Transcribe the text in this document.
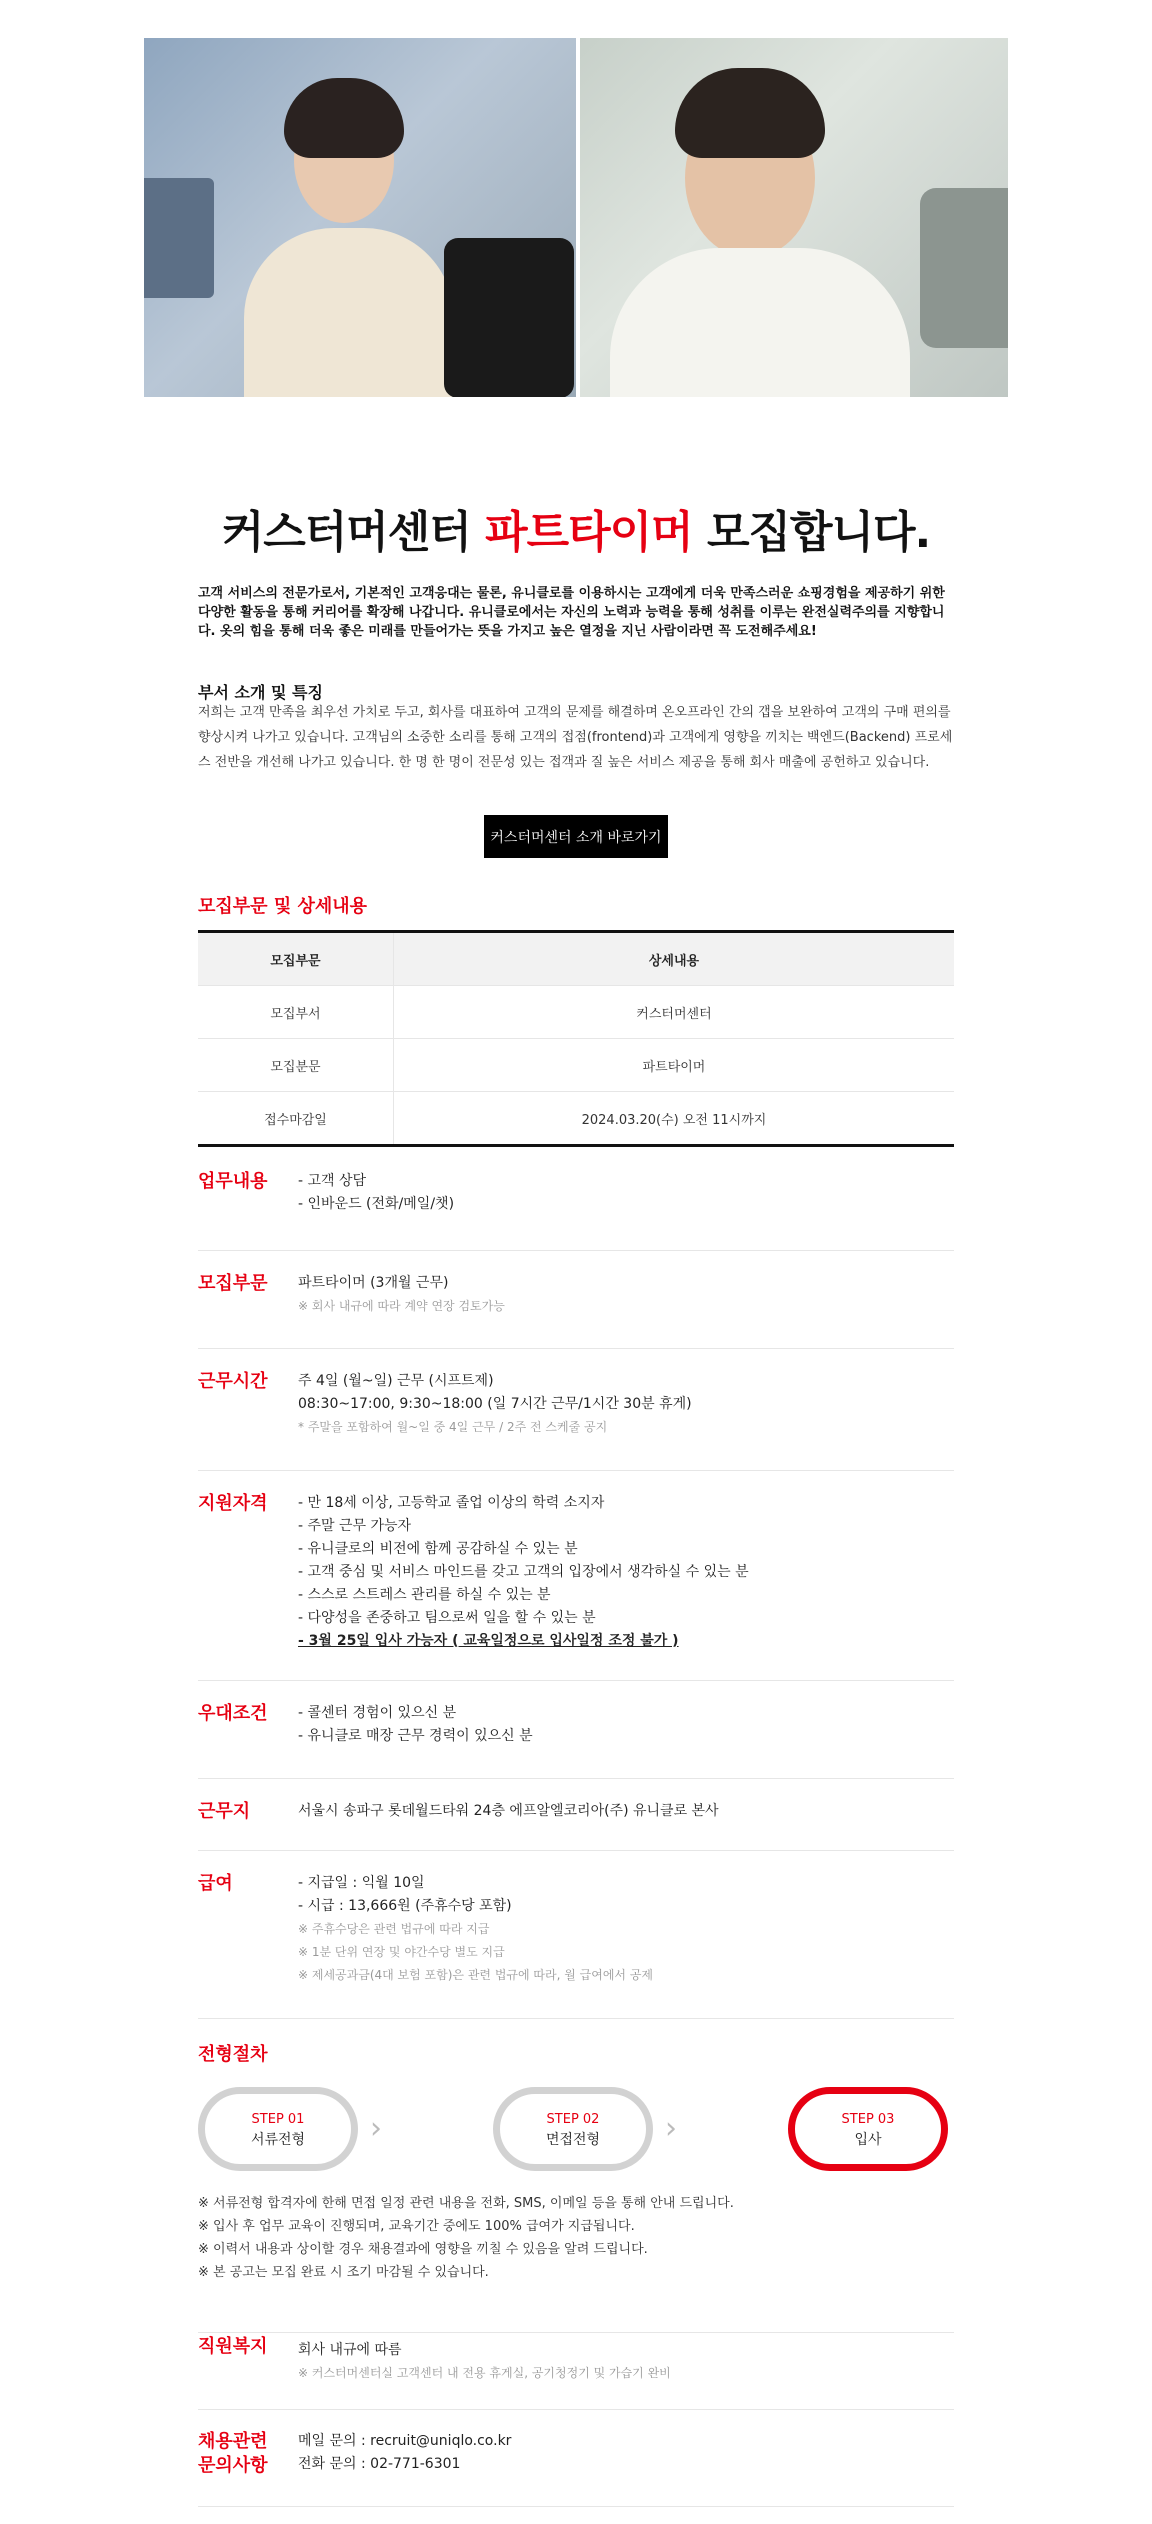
커스터머센터 파트타이머 모집합니다.
고객 서비스의 전문가로서, 기본적인 고객응대는 물론, 유니클로를 이용하시는 고객에게 더욱 만족스러운 쇼핑경험을 제공하기 위한 다양한 활동을 통해 커리어를 확장해 나갑니다. 유니클로에서는 자신의 노력과 능력을 통해 성취를 이루는 완전실력주의를 지향합니다. 옷의 힘을 통해 더욱 좋은 미래를 만들어가는 뜻을 가지고 높은 열정을 지닌 사람이라면 꼭 도전해주세요!
부서 소개 및 특징
저희는 고객 만족을 최우선 가치로 두고, 회사를 대표하여 고객의 문제를 해결하며 온오프라인 간의 갭을 보완하여 고객의 구매 편의를 향상시켜 나가고 있습니다. 고객님의 소중한 소리를 통해 고객의 접점(frontend)과 고객에게 영향을 끼치는 백엔드(Backend) 프로세스 전반을 개선해 나가고 있습니다. 한 명 한 명이 전문성 있는 접객과 질 높은 서비스 제공을 통해 회사 매출에 공헌하고 있습니다.
커스터머센터 소개 바로가기
모집부문 및 상세내용
모집부문	상세내용
모집부서	커스터머센터
모집분문	파트타이머
접수마감일	2024.03.20(수) 오전 11시까지
업무내용 - 고객 상담
- 인바운드 (전화/메일/챗)
모집부문 파트타이머 (3개월 근무)
※ 회사 내규에 따라 계약 연장 검토가능
근무시간 주 4일 (월~일) 근무 (시프트제)
08:30~17:00, 9:30~18:00 (일 7시간 근무/1시간 30분 휴게)
* 주말을 포함하여 월~일 중 4일 근무 / 2주 전 스케줄 공지
지원자격 - 만 18세 이상, 고등학교 졸업 이상의 학력 소지자
- 주말 근무 가능자
- 유니클로의 비전에 함께 공감하실 수 있는 분
- 고객 중심 및 서비스 마인드를 갖고 고객의 입장에서 생각하실 수 있는 분
- 스스로 스트레스 관리를 하실 수 있는 분
- 다양성을 존중하고 팀으로써 일을 할 수 있는 분
- 3월 25일 입사 가능자 ( 교육일정으로 입사일정 조정 불가 )
우대조건 - 콜센터 경험이 있으신 분
- 유니클로 매장 근무 경력이 있으신 분
근무지	서울시 송파구 롯데월드타워 24층 에프알엘코리아(주) 유니클로 본사
급여	- 지급일 : 익월 10일
- 시급 : 13,666원 (주휴수당 포함)
※ 주휴수당은 관련 법규에 따라 지급
※ 1분 단위 연장 및 야간수당 별도 지급
※ 제세공과금(4대 보험 포함)은 관련 법규에 따라, 월 급여에서 공제
전형절차
STEP 01
서류전형	›	STEP 02
면접전형	›	STEP 03
입사
※ 서류전형 합격자에 한해 면접 일정 관련 내용을 전화, SMS, 이메일 등을 통해 안내 드립니다.
※ 입사 후 업무 교육이 진행되며, 교육기간 중에도 100% 급여가 지급됩니다.
※ 이력서 내용과 상이할 경우 채용결과에 영향을 끼칠 수 있음을 알려 드립니다.
※ 본 공고는 모집 완료 시 조기 마감될 수 있습니다.
직원복지 회사 내규에 따름
※ 커스터머센터실 고객센터 내 전용 휴게실, 공기청정기 및 가습기 완비
채용관련
문의사항
메일 문의 : recruit@uniqlo.co.kr
전화 문의 : 02-771-6301
